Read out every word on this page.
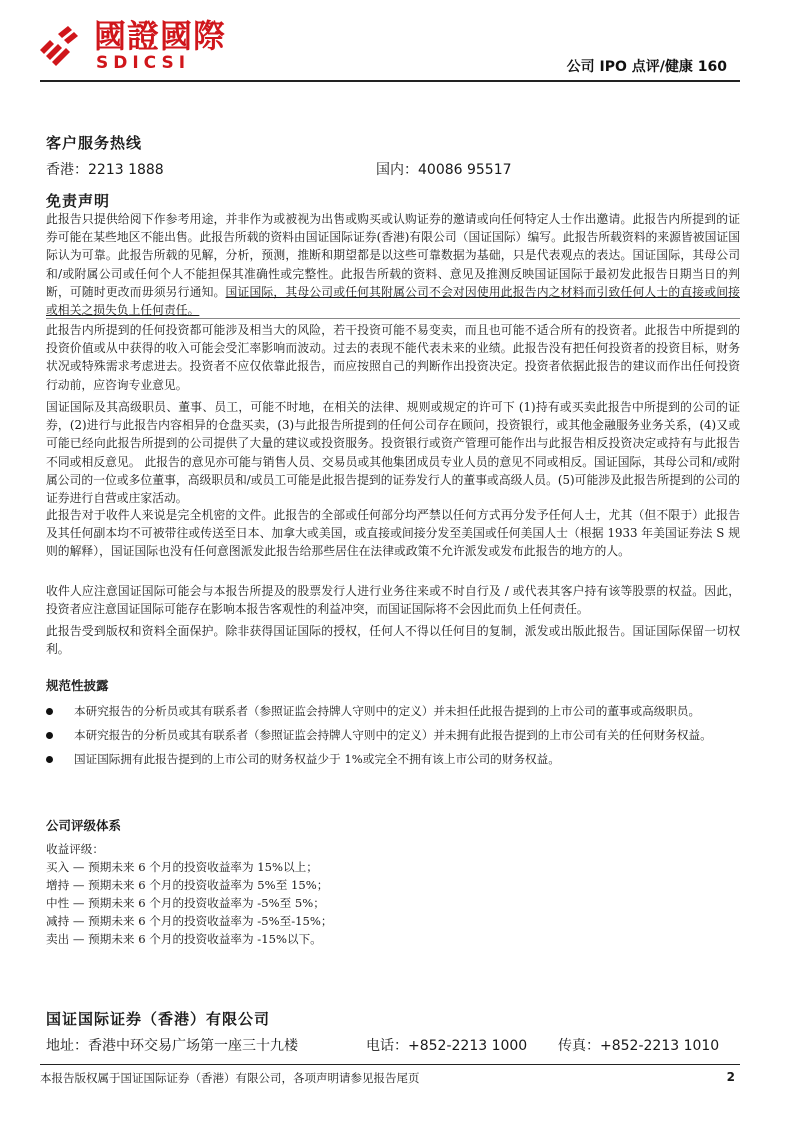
國證國際
SDICSI	公司 IPO 点评/健康 160
客户服务热线
香港：2213 1888	国内：40086 95517
免责声明

此报告只提供给阅下作参考用途，并非作为或被视为出售或购买或认购证券的邀请或向任何特定人士作出邀请。此报告内所提到的证券可能在某些地区不能出售。此报告所载的资料由国证国际证券(香港)有限公司（国证国际）编写。此报告所载资料的来源皆被国证国际认为可靠。此报告所载的见解，分析，预测，推断和期望都是以这些可靠数据为基础，只是代表观点的表达。国证国际，其母公司和/或附属公司或任何个人不能担保其准确性或完整性。此报告所载的资料、意见及推测反映国证国际于最初发此报告日期当日的判断，可随时更改而毋须另行通知。国证国际，其母公司或任何其附属公司不会对因使用此报告内之材料而引致任何人士的直接或间接或相关之损失负上任何责任。

此报告内所提到的任何投资都可能涉及相当大的风险，若干投资可能不易变卖，而且也可能不适合所有的投资者。此报告中所提到的投资价值或从中获得的收入可能会受汇率影响而波动。过去的表现不能代表未来的业绩。此报告没有把任何投资者的投资目标，财务状况或特殊需求考虑进去。投资者不应仅依靠此报告，而应按照自己的判断作出投资决定。投资者依据此报告的建议而作出任何投资行动前，应咨询专业意见。

国证国际及其高级职员、董事、员工，可能不时地，在相关的法律、规则或规定的许可下 (1)持有或买卖此报告中所提到的公司的证券，(2)进行与此报告内容相异的仓盘买卖，(3)与此报告所提到的任何公司存在顾问，投资银行，或其他金融服务业务关系，(4)又或可能已经向此报告所提到的公司提供了大量的建议或投资服务。投资银行或资产管理可能作出与此报告相反投资决定或持有与此报告不同或相反意见。 此报告的意见亦可能与销售人员、交易员或其他集团成员专业人员的意见不同或相反。国证国际，其母公司和/或附属公司的一位或多位董事，高级职员和/或员工可能是此报告提到的证券发行人的董事或高级人员。(5)可能涉及此报告所提到的公司的证券进行自营或庄家活动。

此报告对于收件人来说是完全机密的文件。此报告的全部或任何部分均严禁以任何方式再分发予任何人士，尤其（但不限于）此报告及其任何副本均不可被带往或传送至日本、加拿大或美国，或直接或间接分发至美国或任何美国人士（根据 1933 年美国证券法 S 规则的解释），国证国际也没有任何意图派发此报告给那些居住在法律或政策不允许派发或发布此报告的地方的人。

收件人应注意国证国际可能会与本报告所提及的股票发行人进行业务往来或不时自行及 / 或代表其客户持有该等股票的权益。因此，投资者应注意国证国际可能存在影响本报告客观性的利益冲突，而国证国际将不会因此而负上任何责任。

此报告受到版权和资料全面保护。除非获得国证国际的授权，任何人不得以任何目的复制，派发或出版此报告。国证国际保留一切权利。

规范性披露
本研究报告的分析员或其有联系者（参照证监会持牌人守则中的定义）并未担任此报告提到的上市公司的董事或高级职员。
本研究报告的分析员或其有联系者（参照证监会持牌人守则中的定义）并未拥有此报告提到的上市公司有关的任何财务权益。
国证国际拥有此报告提到的上市公司的财务权益少于 1%或完全不拥有该上市公司的财务权益。
公司评级体系
收益评级：
买入 — 预期未来 6 个月的投资收益率为 15%以上；
增持 — 预期未来 6 个月的投资收益率为 5%至 15%；
中性 — 预期未来 6 个月的投资收益率为 -5%至 5%；
减持 — 预期未来 6 个月的投资收益率为 -5%至-15%；
卖出 — 预期未来 6 个月的投资收益率为 -15%以下。
国证国际证券（香港）有限公司
地址：香港中环交易广场第一座三十九楼	电话：+852-2213 1000 传真：+852-2213 1010
本报告版权属于国证国际证券（香港）有限公司，各项声明请参见报告尾页	2
